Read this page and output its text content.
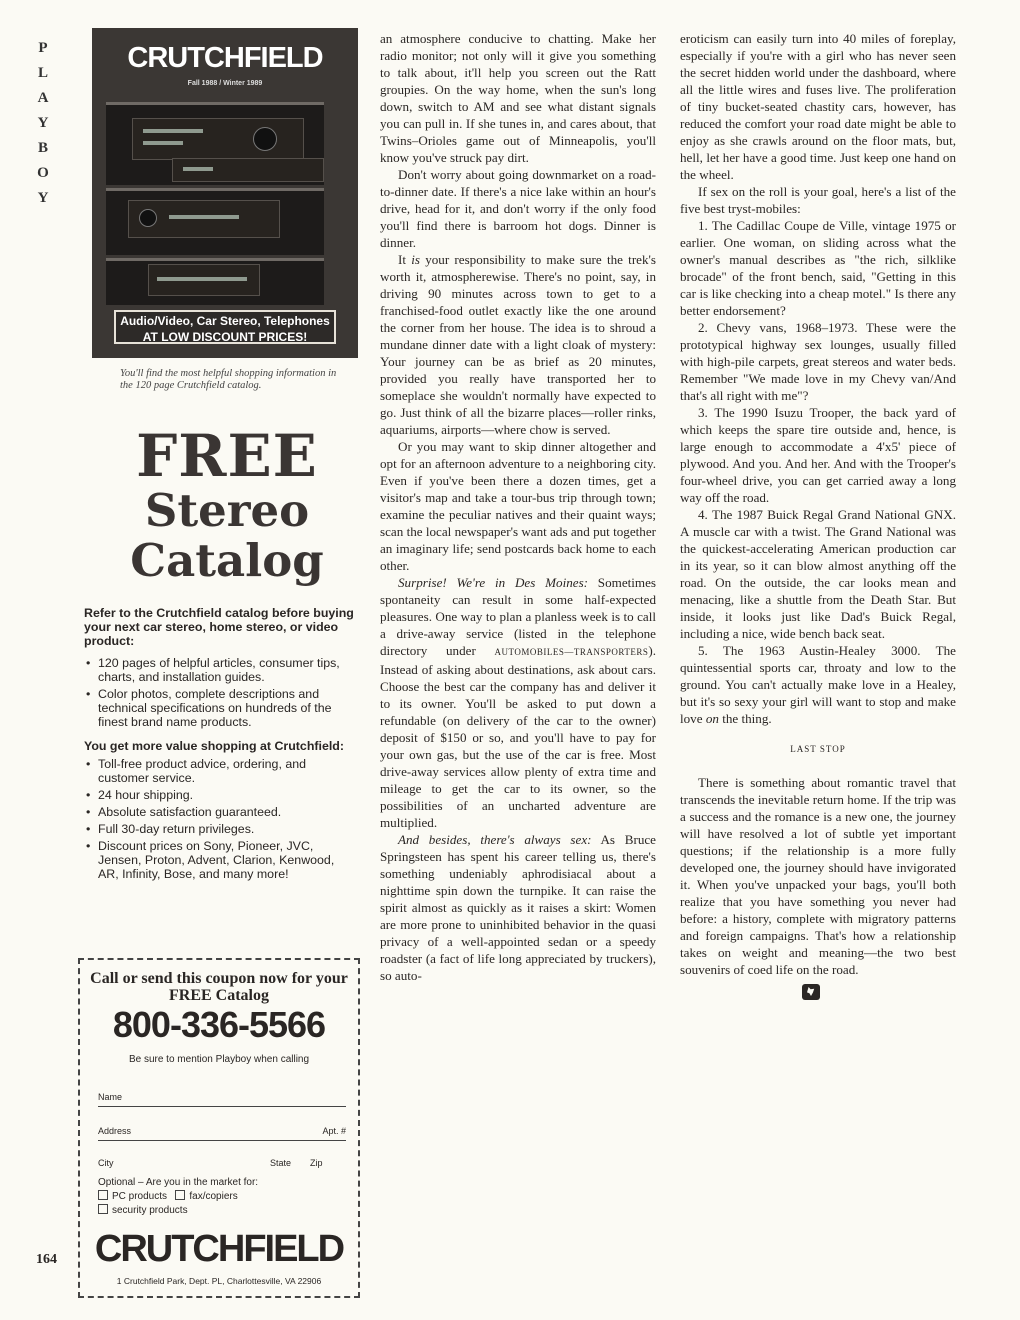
P
L
A
Y
B
O
Y
164
CRUTCHFIELD
Fall 1988 / Winter 1989
Audio/Video, Car Stereo, Telephones
AT LOW DISCOUNT PRICES!
You'll find the most helpful shopping information in the 120 page Crutchfield catalog.
FREE
Stereo
Catalog

Refer to the Crutchfield catalog before buying your next car stereo, home stereo, or video product:

• 120 pages of helpful articles, consumer tips, charts, and installation guides.
• Color photos, complete descriptions and technical specifications on hundreds of the finest brand name products.

You get more value shopping at Crutchfield:

• Toll-free product advice, ordering, and customer service.
• 24 hour shipping.
• Absolute satisfaction guaranteed.
• Full 30-day return privileges.
• Discount prices on Sony, Pioneer, JVC, Jensen, Proton, Advent, Clarion, Kenwood, AR, Infinity, Bose, and many more!
Call or send this coupon now for your FREE Catalog
800-336-5566
Be sure to mention Playboy when calling
Name
Address	Apt. #
City	State Zip
Optional – Are you in the market for:
PC products fax/copiers
security products
CRUTCHFIELD
1 Crutchfield Park, Dept. PL, Charlottesville, VA 22906

an atmosphere conducive to chatting. Make her radio monitor; not only will it give you something to talk about, it'll help you screen out the Ratt groupies. On the way home, when the sun's long down, switch to AM and see what distant signals you can pull in. If she tunes in, and cares about, that Twins–Orioles game out of Minneapolis, you'll know you've struck pay dirt.

Don't worry about going downmarket on a road-to-dinner date. If there's a nice lake within an hour's drive, head for it, and don't worry if the only food you'll find there is barroom hot dogs. Dinner is dinner.

It is your responsibility to make sure the trek's worth it, atmospherewise. There's no point, say, in driving 90 minutes across town to get to a franchised-food outlet exactly like the one around the corner from her house. The idea is to shroud a mundane dinner date with a light cloak of mystery: Your journey can be as brief as 20 minutes, provided you really have transported her to someplace she wouldn't normally have expected to go. Just think of all the bizarre places—roller rinks, aquariums, airports—where chow is served.

Or you may want to skip dinner altogether and opt for an afternoon adventure to a neighboring city. Even if you've been there a dozen times, get a visitor's map and take a tour-bus trip through town; examine the peculiar natives and their quaint ways; scan the local newspaper's want ads and put together an imaginary life; send postcards back home to each other.

Surprise! We're in Des Moines: Sometimes spontaneity can result in some half-expected pleasures. One way to plan a planless week is to call a drive-away service (listed in the telephone directory under AUTOMOBILES—TRANSPORTERS). Instead of asking about destinations, ask about cars. Choose the best car the company has and deliver it to its owner. You'll be asked to put down a refundable (on delivery of the car to the owner) deposit of $150 or so, and you'll have to pay for your own gas, but the use of the car is free. Most drive-away services allow plenty of extra time and mileage to get the car to its owner, so the possibilities of an uncharted adventure are multiplied.

And besides, there's always sex: As Bruce Springsteen has spent his career telling us, there's something undeniably aphrodisiacal about a nighttime spin down the turnpike. It can raise the spirit almost as quickly as it raises a skirt: Women are more prone to uninhibited behavior in the quasi privacy of a well-appointed sedan or a speedy roadster (a fact of life long appreciated by truckers), so auto-

eroticism can easily turn into 40 miles of foreplay, especially if you're with a girl who has never seen the secret hidden world under the dashboard, where all the little wires and fuses live. The proliferation of tiny bucket-seated chastity cars, however, has reduced the comfort your road date might be able to enjoy as she crawls around on the floor mats, but, hell, let her have a good time. Just keep one hand on the wheel.

If sex on the roll is your goal, here's a list of the five best tryst-mobiles:

1. The Cadillac Coupe de Ville, vintage 1975 or earlier. One woman, on sliding across what the owner's manual describes as "the rich, silklike brocade" of the front bench, said, "Getting in this car is like checking into a cheap motel." Is there any better endorsement?

2. Chevy vans, 1968–1973. These were the prototypical highway sex lounges, usually filled with high-pile carpets, great stereos and water beds. Remember "We made love in my Chevy van/And that's all right with me"?

3. The 1990 Isuzu Trooper, the back yard of which keeps the spare tire outside and, hence, is large enough to accommodate a 4'x5' piece of plywood. And you. And her. And with the Trooper's four-wheel drive, you can get carried away a long way off the road.

4. The 1987 Buick Regal Grand National GNX. A muscle car with a twist. The Grand National was the quickest-accelerating American production car in its year, so it can blow almost anything off the road. On the outside, the car looks mean and menacing, like a shuttle from the Death Star. But inside, it looks just like Dad's Buick Regal, including a nice, wide bench back seat.

5. The 1963 Austin-Healey 3000. The quintessential sports car, throaty and low to the ground. You can't actually make love in a Healey, but it's so sexy your girl will want to stop and make love on the thing.

LAST STOP

There is something about romantic travel that transcends the inevitable return home. If the trip was a success and the romance is a new one, the journey will have resolved a lot of subtle yet important questions; if the relationship is a more fully developed one, the journey should have invigorated it. When you've unpacked your bags, you'll both realize that you have something you never had before: a history, complete with migratory patterns and foreign campaigns. That's how a relationship takes on weight and meaning—the two best souvenirs of coed life on the road.
